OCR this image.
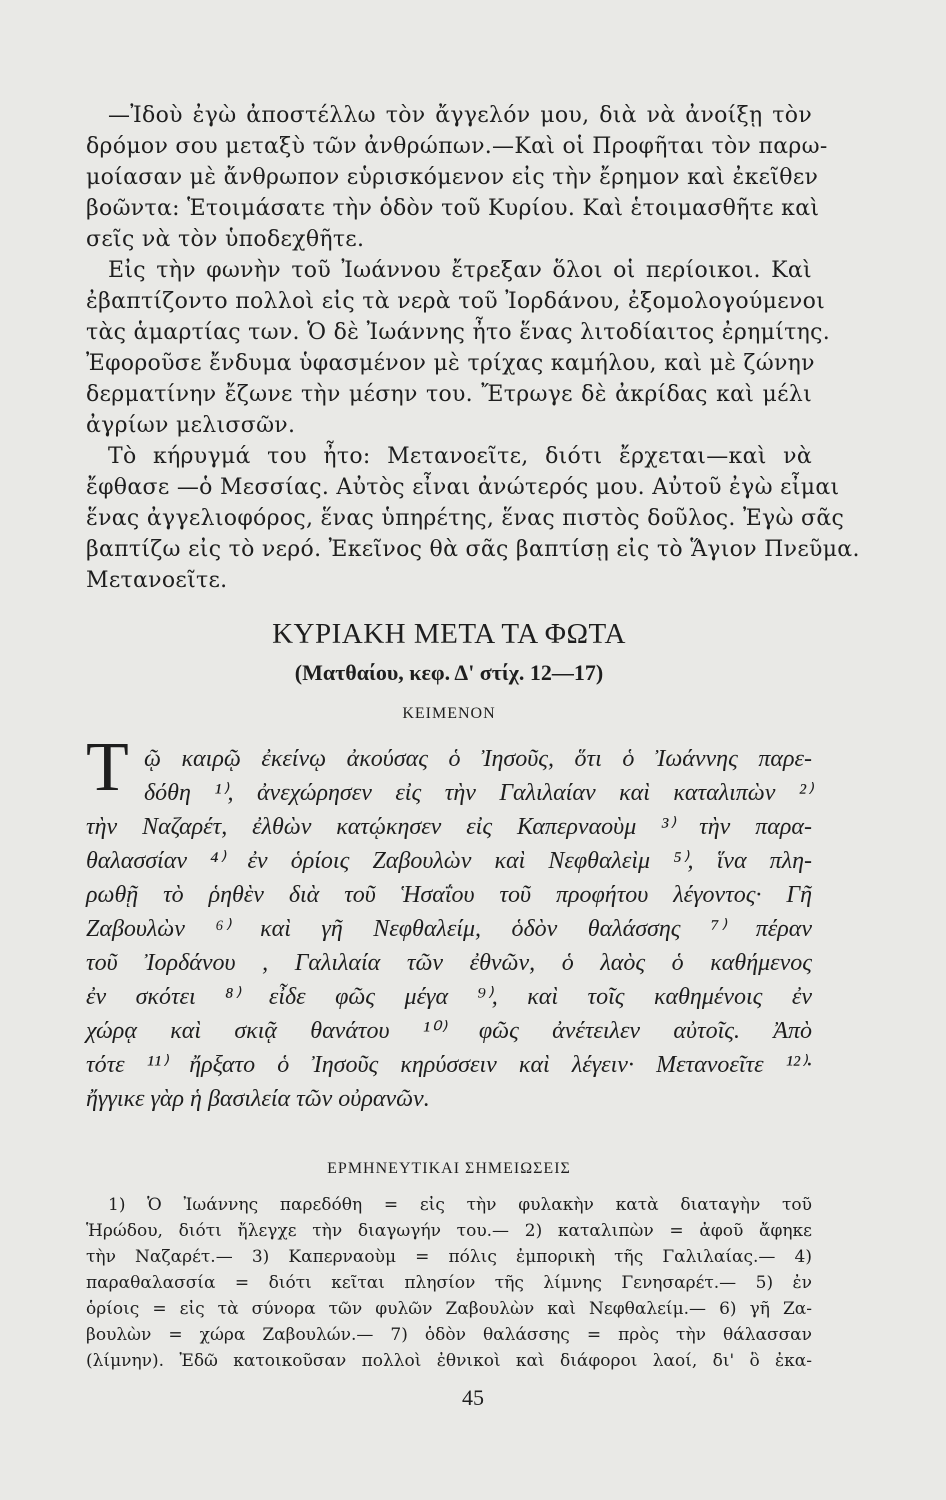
—Ἰδοὺ ἐγὼ ἀποστέλλω τὸν ἄγγελόν μου, διὰ νὰ ἀνοίξῃ τὸν
δρόμον σου μεταξὺ τῶν ἀνθρώπων.—Καὶ οἱ Προφῆται τὸν παρω-
μοίασαν μὲ ἄνθρωπον εὑρισκόμενον εἰς τὴν ἔρημον καὶ ἐκεῖθεν
βοῶντα: Ἑτοιμάσατε τὴν ὁδὸν τοῦ Κυρίου. Καὶ ἑτοιμασθῆτε καὶ
σεῖς νὰ τὸν ὑποδεχθῆτε.
Εἰς τὴν φωνὴν τοῦ Ἰωάννου ἔτρεξαν ὅλοι οἱ περίοικοι. Καὶ
ἐβαπτίζοντο πολλοὶ εἰς τὰ νερὰ τοῦ Ἰορδάνου, ἐξομολογούμενοι
τὰς ἁμαρτίας των. Ὁ δὲ Ἰωάννης ἦτο ἕνας λιτοδίαιτος ἐρημίτης.
Ἐφοροῦσε ἔνδυμα ὑφασμένον μὲ τρίχας καμήλου, καὶ μὲ ζώνην
δερματίνην ἔζωνε τὴν μέσην του. Ἔτρωγε δὲ ἀκρίδας καὶ μέλι
ἀγρίων μελισσῶν.
Τὸ κήρυγμά του ἦτο: Μετανοεῖτε, διότι ἔρχεται—καὶ νὰ
ἔφθασε —ὁ Μεσσίας. Αὐτὸς εἶναι ἀνώτερός μου. Αὐτοῦ ἐγὼ εἶμαι
ἕνας ἀγγελιοφόρος, ἕνας ὑπηρέτης, ἕνας πιστὸς δοῦλος. Ἐγὼ σᾶς
βαπτίζω εἰς τὸ νερό. Ἐκεῖνος θὰ σᾶς βαπτίσῃ εἰς τὸ Ἅγιον Πνεῦμα.
Μετανοεῖτε.
ΚΥΡΙΑΚΗ ΜΕΤΑ ΤΑ ΦΩΤΑ
(Ματθαίου, κεφ. Δ' στίχ. 12—17)
ΚΕΙΜΕΝΟΝ
Τ ῷ καιρῷ ἐκείνῳ ἀκούσας ὁ Ἰησοῦς, ὅτι ὁ Ἰωάννης παρε-
δόθη ¹⁾, ἀνεχώρησεν εἰς τὴν Γαλιλαίαν καὶ καταλιπὼν ²⁾
τὴν Ναζαρέτ, ἐλθὼν κατῴκησεν εἰς Καπερναοὺμ ³⁾ τὴν παρα-
θαλασσίαν ⁴⁾ ἐν ὁρίοις Ζαβουλὼν καὶ Νεφθαλεὶμ ⁵⁾, ἵνα πλη-
ρωθῇ τὸ ῥηθὲν διὰ τοῦ Ἡσαΐου τοῦ προφήτου λέγοντος· Γῆ
Ζαβουλὼν ⁶⁾ καὶ γῆ Νεφθαλείμ, ὁδὸν θαλάσσης ⁷⁾ πέραν
τοῦ Ἰορδάνου , Γαλιλαία τῶν ἐθνῶν, ὁ λαὸς ὁ καθήμενος
ἐν σκότει ⁸⁾ εἶδε φῶς μέγα ⁹⁾, καὶ τοῖς καθημένοις ἐν
χώρᾳ καὶ σκιᾷ θανάτου ¹⁰⁾ φῶς ἀνέτειλεν αὐτοῖς. Ἀπὸ
τότε ¹¹⁾ ἤρξατο ὁ Ἰησοῦς κηρύσσειν καὶ λέγειν· Μετανοεῖτε ¹²⁾·
ἤγγικε γὰρ ἡ βασιλεία τῶν οὐρανῶν.
ΕΡΜΗΝΕΥΤΙΚΑΙ ΣΗΜΕΙΩΣΕΙΣ
1) Ὁ Ἰωάννης παρεδόθη = εἰς τὴν φυλακὴν κατὰ διαταγὴν τοῦ
Ἡρώδου, διότι ἤλεγχε τὴν διαγωγήν του.— 2) καταλιπὼν = ἀφοῦ ἄφηκε
τὴν Ναζαρέτ.— 3) Καπερναοὺμ = πόλις ἐμπορικὴ τῆς Γαλιλαίας.— 4)
παραθαλασσία = διότι κεῖται πλησίον τῆς λίμνης Γενησαρέτ.— 5) ἐν
ὁρίοις = εἰς τὰ σύνορα τῶν φυλῶν Ζαβουλὼν καὶ Νεφθαλείμ.— 6) γῆ Ζα-
βουλὼν = χώρα Ζαβουλών.— 7) ὁδὸν θαλάσσης = πρὸς τὴν θάλασσαν
(λίμνην). Ἐδῶ κατοικοῦσαν πολλοὶ ἐθνικοὶ καὶ διάφοροι λαοί, δι' ὃ ἐκα-
45
